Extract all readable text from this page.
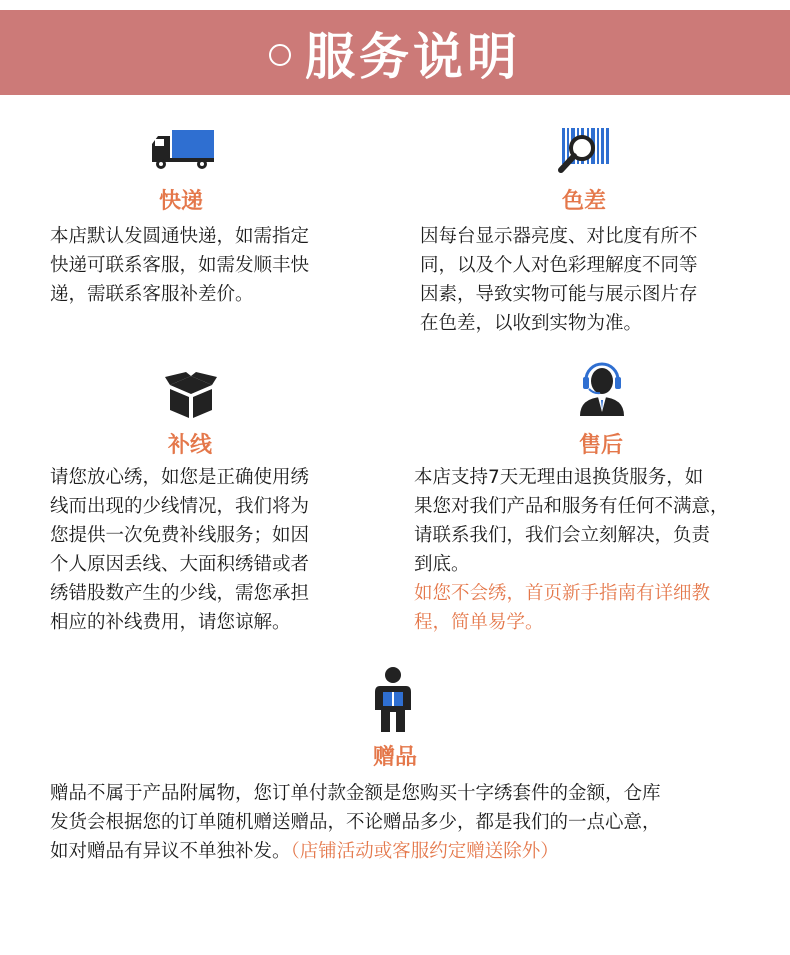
服务说明
快递

本店默认发圆通快递，如需指定

快递可联系客服，如需发顺丰快

递，需联系客服补差价。

色差

因每台显示器亮度、对比度有所不

同，以及个人对色彩理解度不同等

因素，导致实物可能与展示图片存

在色差，以收到实物为准。

补线

请您放心绣，如您是正确使用绣

线而出现的少线情况，我们将为

您提供一次免费补线服务；如因

个人原因丢线、大面积绣错或者

绣错股数产生的少线，需您承担

相应的补线费用，请您谅解。

售后

本店支持7天无理由退换货服务，如

果您对我们产品和服务有任何不满意，

请联系我们，我们会立刻解决，负责

到底。

如您不会绣，首页新手指南有详细教

程，简单易学。

赠品

赠品不属于产品附属物，您订单付款金额是您购买十字绣套件的金额，仓库

发货会根据您的订单随机赠送赠品，不论赠品多少，都是我们的一点心意，

如对赠品有异议不单独补发。（店铺活动或客服约定赠送除外）
